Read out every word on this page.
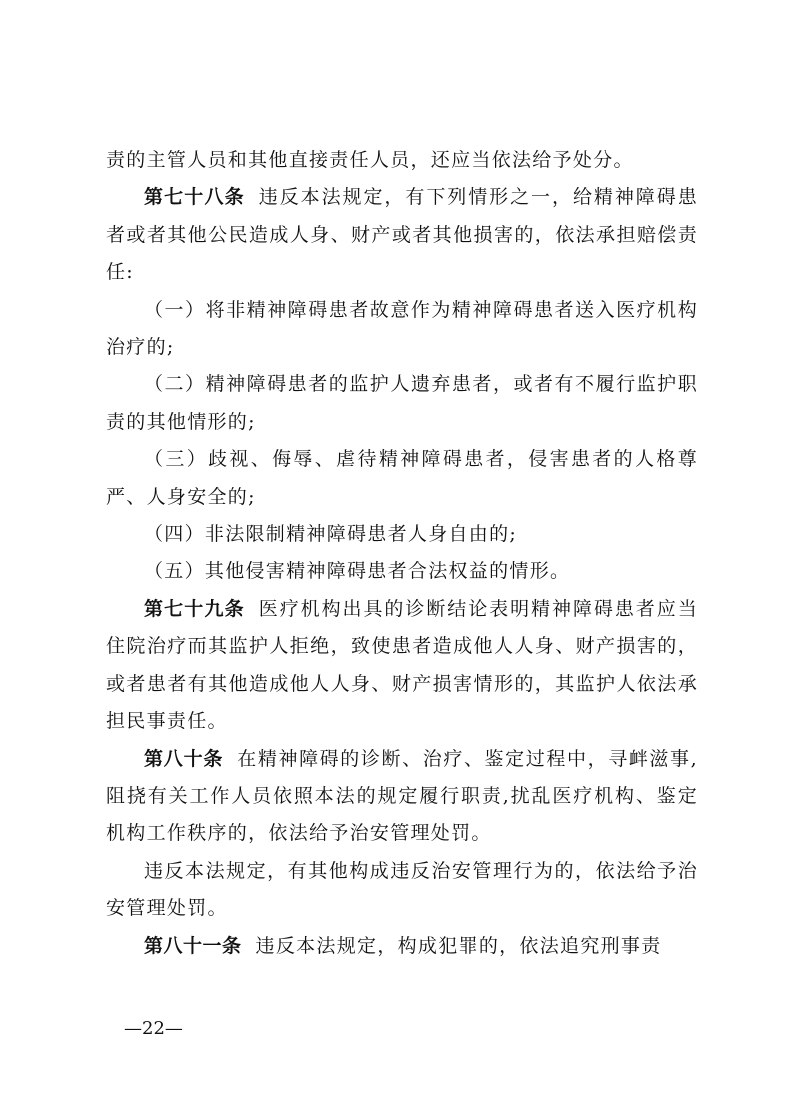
责的主管人员和其他直接责任人员，还应当依法给予处分。

第七十八条 违反本法规定，有下列情形之一，给精神障碍患者或者其他公民造成人身、财产或者其他损害的，依法承担赔偿责任:

（一）将非精神障碍患者故意作为精神障碍患者送入医疗机构治疗的;

（二）精神障碍患者的监护人遗弃患者，或者有不履行监护职责的其他情形的;

（三）歧视、侮辱、虐待精神障碍患者，侵害患者的人格尊严、人身安全的;

（四）非法限制精神障碍患者人身自由的;

（五）其他侵害精神障碍患者合法权益的情形。

第七十九条 医疗机构出具的诊断结论表明精神障碍患者应当住院治疗而其监护人拒绝，致使患者造成他人人身、财产损害的，或者患者有其他造成他人人身、财产损害情形的，其监护人依法承担民事责任。

第八十条 在精神障碍的诊断、治疗、鉴定过程中，寻衅滋事,阻挠有关工作人员依照本法的规定履行职责,扰乱医疗机构、鉴定机构工作秩序的，依法给予治安管理处罚。

违反本法规定，有其他构成违反治安管理行为的，依法给予治安管理处罚。

第八十一条 违反本法规定，构成犯罪的，依法追究刑事责

—22—
